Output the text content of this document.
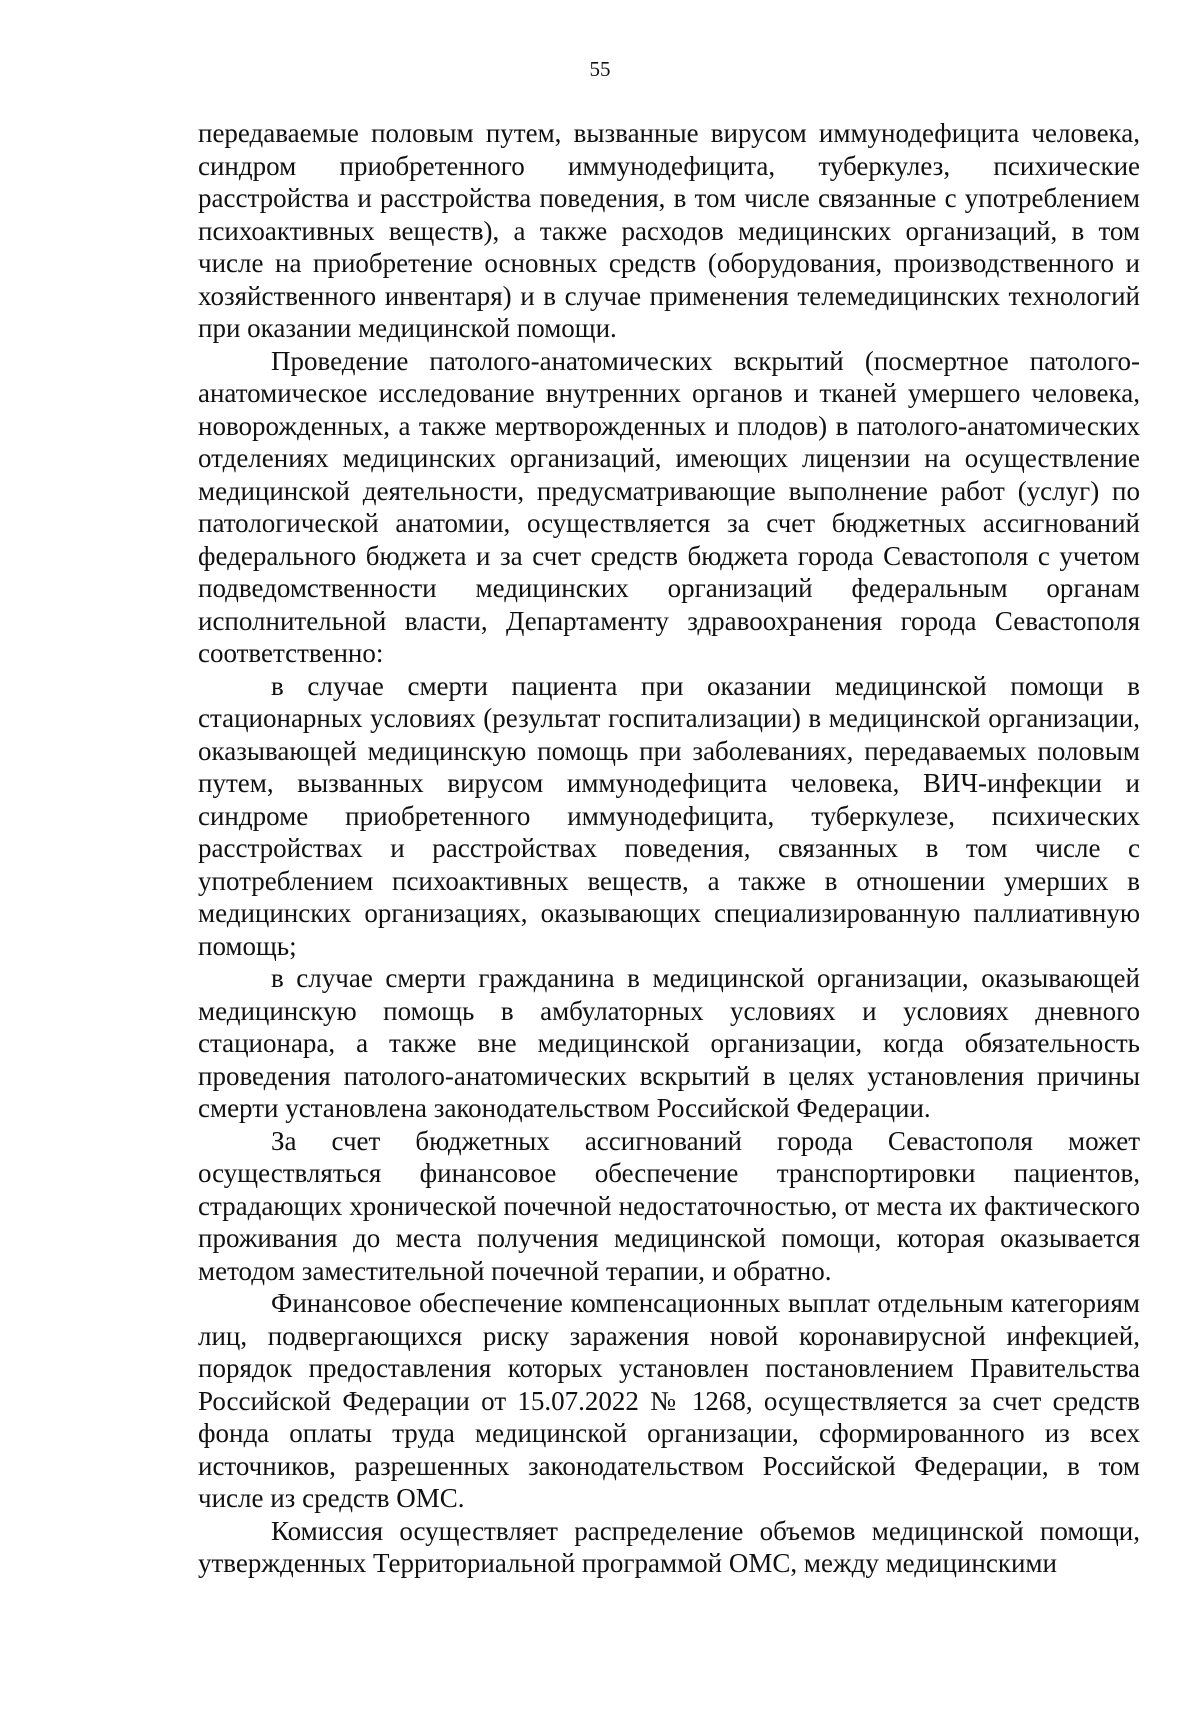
55

передаваемые половым путем, вызванные вирусом иммунодефицита человека, синдром приобретенного иммунодефицита, туберкулез, психические расстройства и расстройства поведения, в том числе связанные с употреблением психоактивных веществ), а также расходов медицинских организаций, в том числе на приобретение основных средств (оборудования, производственного и хозяйственного инвентаря) и в случае применения телемедицинских технологий при оказании медицинской помощи.

Проведение патолого-анатомических вскрытий (посмертное патолого-анатомическое исследование внутренних органов и тканей умершего человека, новорожденных, а также мертворожденных и плодов) в патолого-анатомических отделениях медицинских организаций, имеющих лицензии на осуществление медицинской деятельности, предусматривающие выполнение работ (услуг) по патологической анатомии, осуществляется за счет бюджетных ассигнований федерального бюджета и за счет средств бюджета города Севастополя с учетом подведомственности медицинских организаций федеральным органам исполнительной власти, Департаменту здравоохранения города Севастополя соответственно:

в случае смерти пациента при оказании медицинской помощи в стационарных условиях (результат госпитализации) в медицинской организации, оказывающей медицинскую помощь при заболеваниях, передаваемых половым путем, вызванных вирусом иммунодефицита человека, ВИЧ-инфекции и синдроме приобретенного иммунодефицита, туберкулезе, психических расстройствах и расстройствах поведения, связанных в том числе с употреблением психоактивных веществ, а также в отношении умерших в медицинских организациях, оказывающих специализированную паллиативную помощь;

в случае смерти гражданина в медицинской организации, оказывающей медицинскую помощь в амбулаторных условиях и условиях дневного стационара, а также вне медицинской организации, когда обязательность проведения патолого-анатомических вскрытий в целях установления причины смерти установлена законодательством Российской Федерации.

За счет бюджетных ассигнований города Севастополя может осуществляться финансовое обеспечение транспортировки пациентов, страдающих хронической почечной недостаточностью, от места их фактического проживания до места получения медицинской помощи, которая оказывается методом заместительной почечной терапии, и обратно.

Финансовое обеспечение компенсационных выплат отдельным категориям лиц, подвергающихся риску заражения новой коронавирусной инфекцией, порядок предоставления которых установлен постановлением Правительства Российской Федерации от 15.07.2022 № 1268, осуществляется за счет средств фонда оплаты труда медицинской организации, сформированного из всех источников, разрешенных законодательством Российской Федерации, в том числе из средств ОМС.

Комиссия осуществляет распределение объемов медицинской помощи, утвержденных Территориальной программой ОМС, между медицинскими
